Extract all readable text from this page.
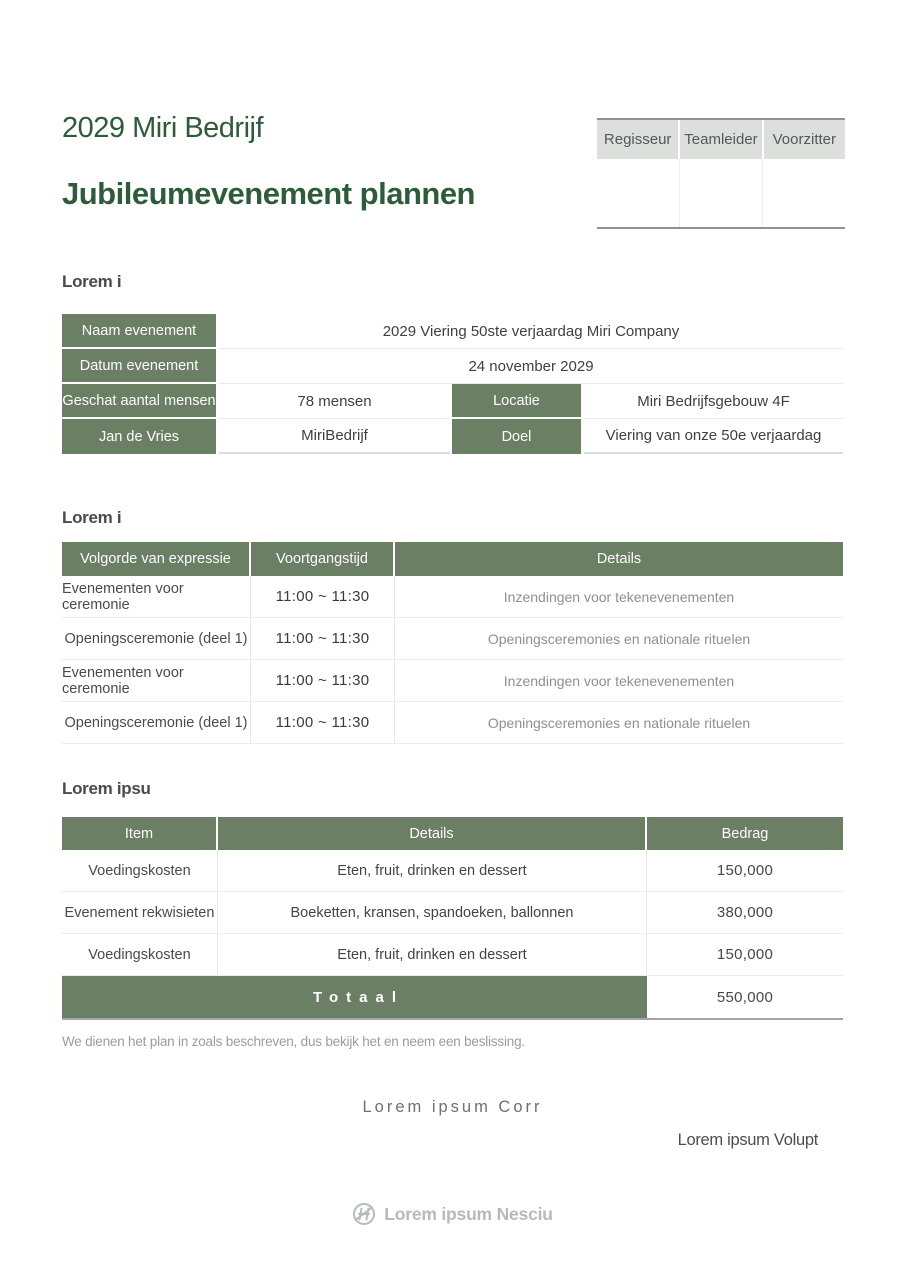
2029 Miri Bedrijf
Jubileumevenement plannen
Regisseur Teamleider Voorzitter
Lorem i
Naam evenement	2029 Viering 50ste verjaardag Miri Company
Datum evenement	24 november 2029
Geschat aantal mensen	78 mensen	Locatie	Miri Bedrijfsgebouw 4F
Jan de Vries	MiriBedrijf	Doel	Viering van onze 50e verjaardag
Lorem i
Volgorde van expressie	Voortgangstijd	Details
Evenementen voor ceremonie	11:00 ~ 11:30	Inzendingen voor tekenevenementen
Openingsceremonie (deel 1)	11:00 ~ 11:30	Openingsceremonies en nationale rituelen
Evenementen voor ceremonie	11:00 ~ 11:30	Inzendingen voor tekenevenementen
Openingsceremonie (deel 1)	11:00 ~ 11:30	Openingsceremonies en nationale rituelen
Lorem ipsu
Item	Details	Bedrag
Voedingskosten	Eten, fruit, drinken en dessert	150,000
Evenement rekwisieten	Boeketten, kransen, spandoeken, ballonnen	380,000
Voedingskosten	Eten, fruit, drinken en dessert	150,000
Totaal	550,000
We dienen het plan in zoals beschreven, dus bekijk het en neem een beslissing.
Lorem ipsum Corr
Lorem ipsum Volupt
Lorem ipsum Nesciu
